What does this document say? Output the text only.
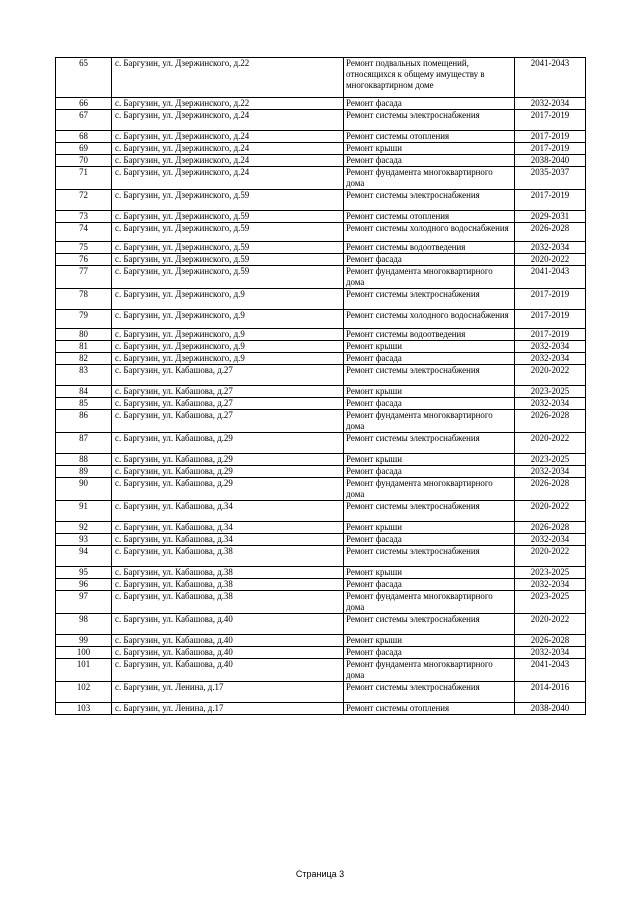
65	с. Баргузин, ул. Дзержинского, д.22	Ремонт подвальных помещений, относящихся к общему имуществу в многоквартирном доме	2041-2043
66	с. Баргузин, ул. Дзержинского, д.22	Ремонт фасада	2032-2034
67	с. Баргузин, ул. Дзержинского, д.24	Ремонт системы электроснабжения	2017-2019
68	с. Баргузин, ул. Дзержинского, д.24	Ремонт системы отопления	2017-2019
69	с. Баргузин, ул. Дзержинского, д.24	Ремонт крыши	2017-2019
70	с. Баргузин, ул. Дзержинского, д.24	Ремонт фасада	2038-2040
71	с. Баргузин, ул. Дзержинского, д.24	Ремонт фундамента многоквартирного дома	2035-2037
72	с. Баргузин, ул. Дзержинского, д.59	Ремонт системы электроснабжения	2017-2019
73	с. Баргузин, ул. Дзержинского, д.59	Ремонт системы отопления	2029-2031
74	с. Баргузин, ул. Дзержинского, д.59	Ремонт системы холодного водоснабжения	2026-2028
75	с. Баргузин, ул. Дзержинского, д.59	Ремонт системы водоотведения	2032-2034
76	с. Баргузин, ул. Дзержинского, д.59	Ремонт фасада	2020-2022
77	с. Баргузин, ул. Дзержинского, д.59	Ремонт фундамента многоквартирного дома	2041-2043
78	с. Баргузин, ул. Дзержинского, д.9	Ремонт системы электроснабжения	2017-2019
79	с. Баргузин, ул. Дзержинского, д.9	Ремонт системы холодного водоснабжения	2017-2019
80	с. Баргузин, ул. Дзержинского, д.9	Ремонт системы водоотведения	2017-2019
81	с. Баргузин, ул. Дзержинского, д.9	Ремонт крыши	2032-2034
82	с. Баргузин, ул. Дзержинского, д.9	Ремонт фасада	2032-2034
83	с. Баргузин, ул. Кабашова, д.27	Ремонт системы электроснабжения	2020-2022
84	с. Баргузин, ул. Кабашова, д.27	Ремонт крыши	2023-2025
85	с. Баргузин, ул. Кабашова, д.27	Ремонт фасада	2032-2034
86	с. Баргузин, ул. Кабашова, д.27	Ремонт фундамента многоквартирного дома	2026-2028
87	с. Баргузин, ул. Кабашова, д.29	Ремонт системы электроснабжения	2020-2022
88	с. Баргузин, ул. Кабашова, д.29	Ремонт крыши	2023-2025
89	с. Баргузин, ул. Кабашова, д.29	Ремонт фасада	2032-2034
90	с. Баргузин, ул. Кабашова, д.29	Ремонт фундамента многоквартирного дома	2026-2028
91	с. Баргузин, ул. Кабашова, д.34	Ремонт системы электроснабжения	2020-2022
92	с. Баргузин, ул. Кабашова, д.34	Ремонт крыши	2026-2028
93	с. Баргузин, ул. Кабашова, д.34	Ремонт фасада	2032-2034
94	с. Баргузин, ул. Кабашова, д.38	Ремонт системы электроснабжения	2020-2022
95	с. Баргузин, ул. Кабашова, д.38	Ремонт крыши	2023-2025
96	с. Баргузин, ул. Кабашова, д.38	Ремонт фасада	2032-2034
97	с. Баргузин, ул. Кабашова, д.38	Ремонт фундамента многоквартирного дома	2023-2025
98	с. Баргузин, ул. Кабашова, д.40	Ремонт системы электроснабжения	2020-2022
99	с. Баргузин, ул. Кабашова, д.40	Ремонт крыши	2026-2028
100	с. Баргузин, ул. Кабашова, д.40	Ремонт фасада	2032-2034
101	с. Баргузин, ул. Кабашова, д.40	Ремонт фундамента многоквартирного дома	2041-2043
102	с. Баргузин, ул. Ленина, д.17	Ремонт системы электроснабжения	2014-2016
103	с. Баргузин, ул. Ленина, д.17	Ремонт системы отопления	2038-2040
Страница 3
